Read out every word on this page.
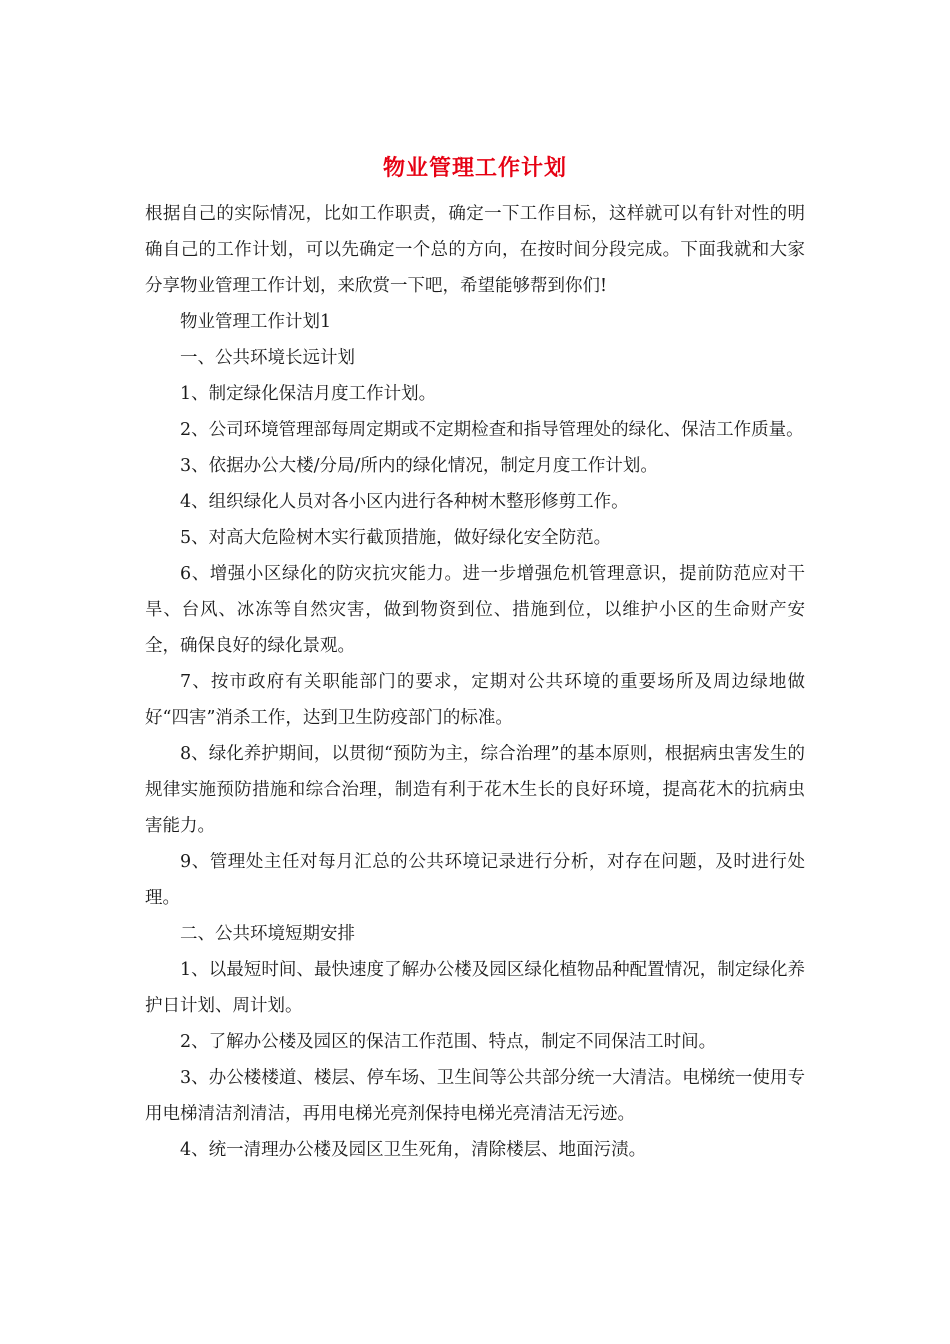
物业管理工作计划

根据自己的实际情况，比如工作职责，确定一下工作目标，这样就可以有针对性的明确自己的工作计划，可以先确定一个总的方向，在按时间分段完成。下面我就和大家分享物业管理工作计划，来欣赏一下吧，希望能够帮到你们!

物业管理工作计划1

一、公共环境长远计划

1、制定绿化保洁月度工作计划。

2、公司环境管理部每周定期或不定期检查和指导管理处的绿化、保洁工作质量。

3、依据办公大楼/分局/所内的绿化情况，制定月度工作计划。

4、组织绿化人员对各小区内进行各种树木整形修剪工作。

5、对高大危险树木实行截顶措施，做好绿化安全防范。

6、增强小区绿化的防灾抗灾能力。进一步增强危机管理意识，提前防范应对干旱、台风、冰冻等自然灾害，做到物资到位、措施到位，以维护小区的生命财产安全，确保良好的绿化景观。

7、按市政府有关职能部门的要求，定期对公共环境的重要场所及周边绿地做好“四害”消杀工作，达到卫生防疫部门的标准。

8、绿化养护期间，以贯彻“预防为主，综合治理”的基本原则，根据病虫害发生的规律实施预防措施和综合治理，制造有利于花木生长的良好环境，提高花木的抗病虫害能力。

9、管理处主任对每月汇总的公共环境记录进行分析，对存在问题，及时进行处理。

二、公共环境短期安排

1、以最短时间、最快速度了解办公楼及园区绿化植物品种配置情况，制定绿化养护日计划、周计划。

2、了解办公楼及园区的保洁工作范围、特点，制定不同保洁工时间。

3、办公楼楼道、楼层、停车场、卫生间等公共部分统一大清洁。电梯统一使用专用电梯清洁剂清洁，再用电梯光亮剂保持电梯光亮清洁无污迹。

4、统一清理办公楼及园区卫生死角，清除楼层、地面污渍。
